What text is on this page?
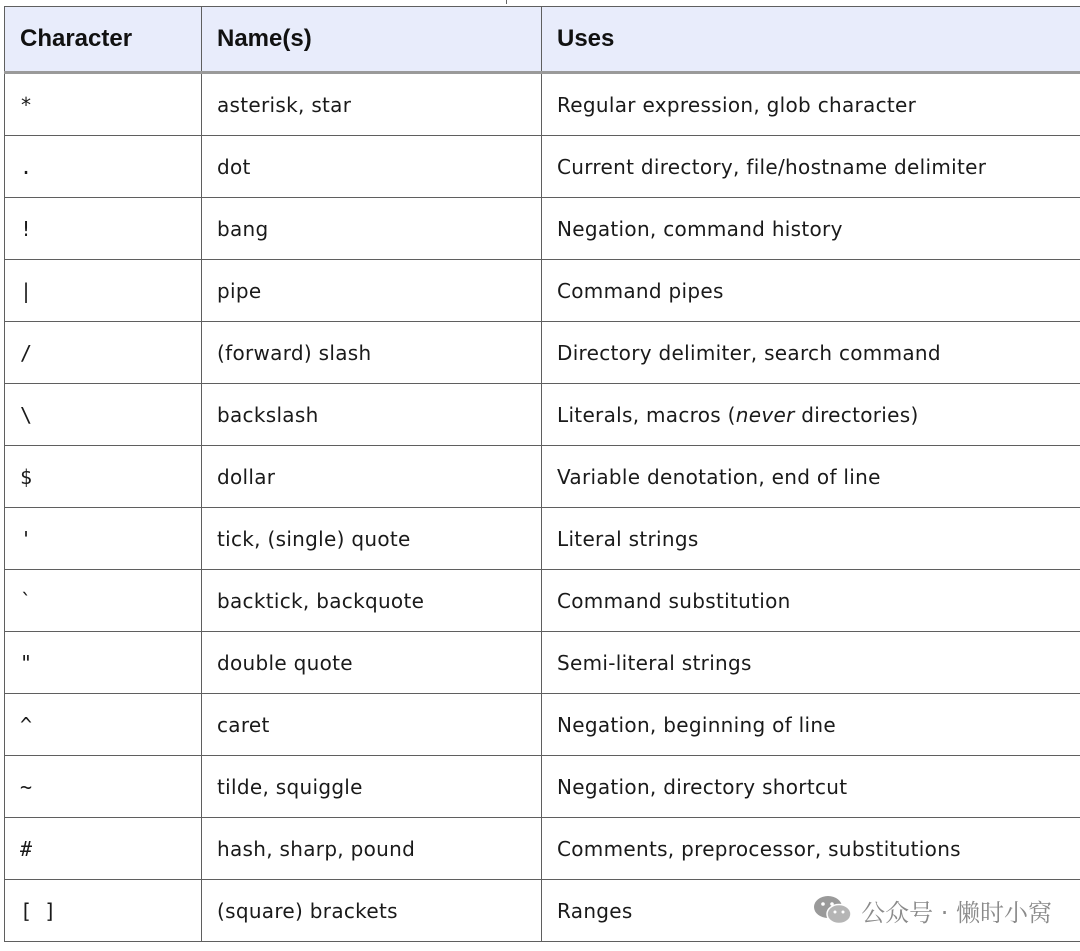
Character	Name(s)	Uses
*	asterisk, star	Regular expression, glob character
.	dot	Current directory, file/hostname delimiter
!	bang	Negation, command history
|	pipe	Command pipes
/	(forward) slash	Directory delimiter, search command
\	backslash	Literals, macros (never directories)
$	dollar	Variable denotation, end of line
'	tick, (single) quote	Literal strings
`	backtick, backquote	Command substitution
"	double quote	Semi-literal strings
^	caret	Negation, beginning of line
~	tilde, squiggle	Negation, directory shortcut
#	hash, sharp, pound	Comments, preprocessor, substitutions
[ ]	(square) brackets	Ranges	公众号 · 懒时小窝
